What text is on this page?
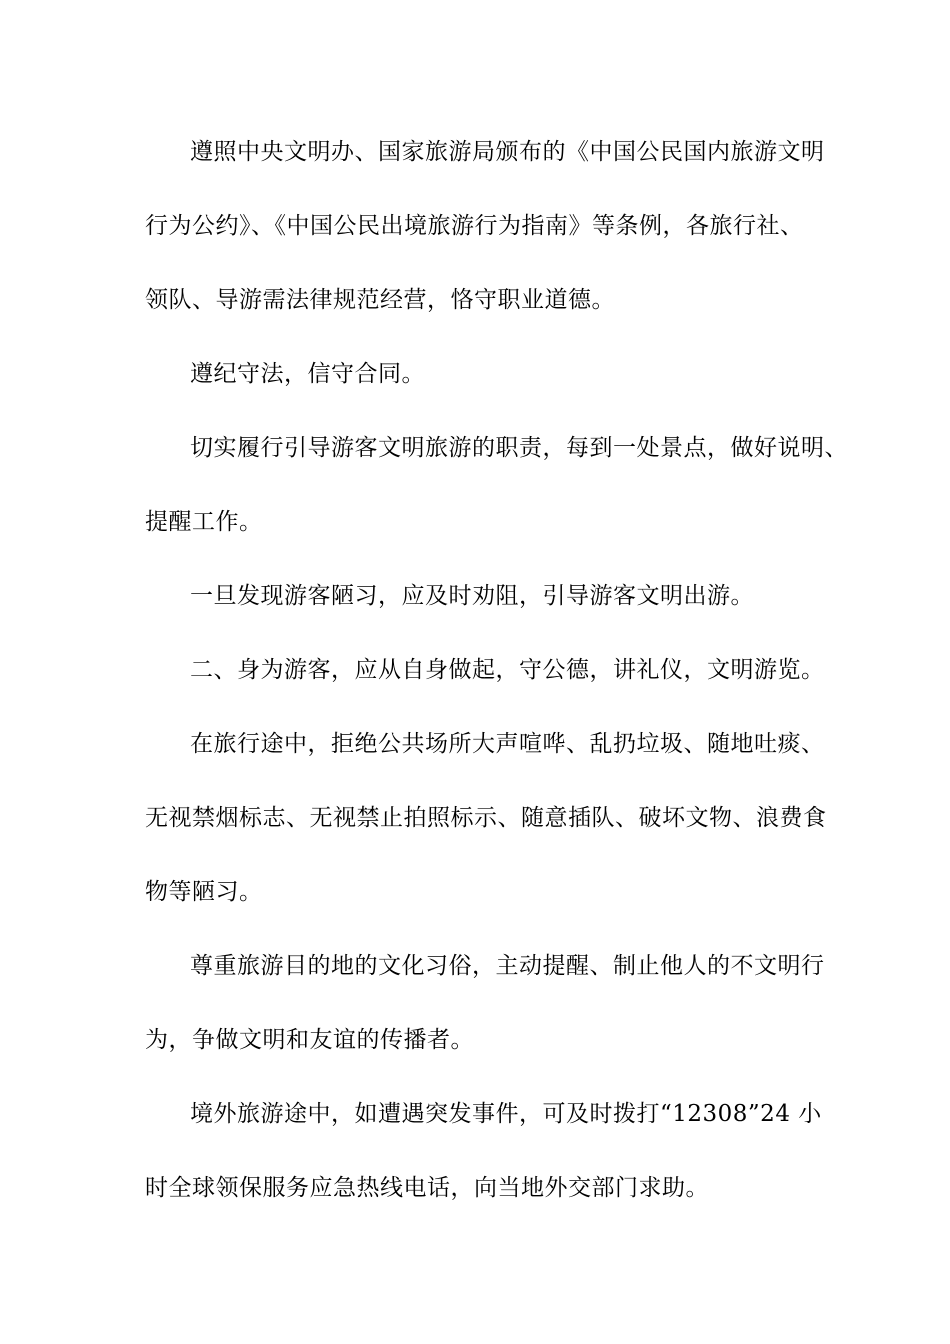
遵照中央文明办、国家旅游局颁布的《中国公民国内旅游文明
行为公约》、《中国公民出境旅游行为指南》等条例，各旅行社、
领队、导游需法律规范经营，恪守职业道德。
遵纪守法，信守合同。
切实履行引导游客文明旅游的职责，每到一处景点，做好说明、
提醒工作。
一旦发现游客陋习，应及时劝阻，引导游客文明出游。
二、身为游客，应从自身做起，守公德，讲礼仪，文明游览。
在旅行途中，拒绝公共场所大声喧哗、乱扔垃圾、随地吐痰、
无视禁烟标志、无视禁止拍照标示、随意插队、破坏文物、浪费食
物等陋习。
尊重旅游目的地的文化习俗，主动提醒、制止他人的不文明行
为，争做文明和友谊的传播者。
境外旅游途中，如遭遇突发事件，可及时拨打“12308”24 小
时全球领保服务应急热线电话，向当地外交部门求助。
